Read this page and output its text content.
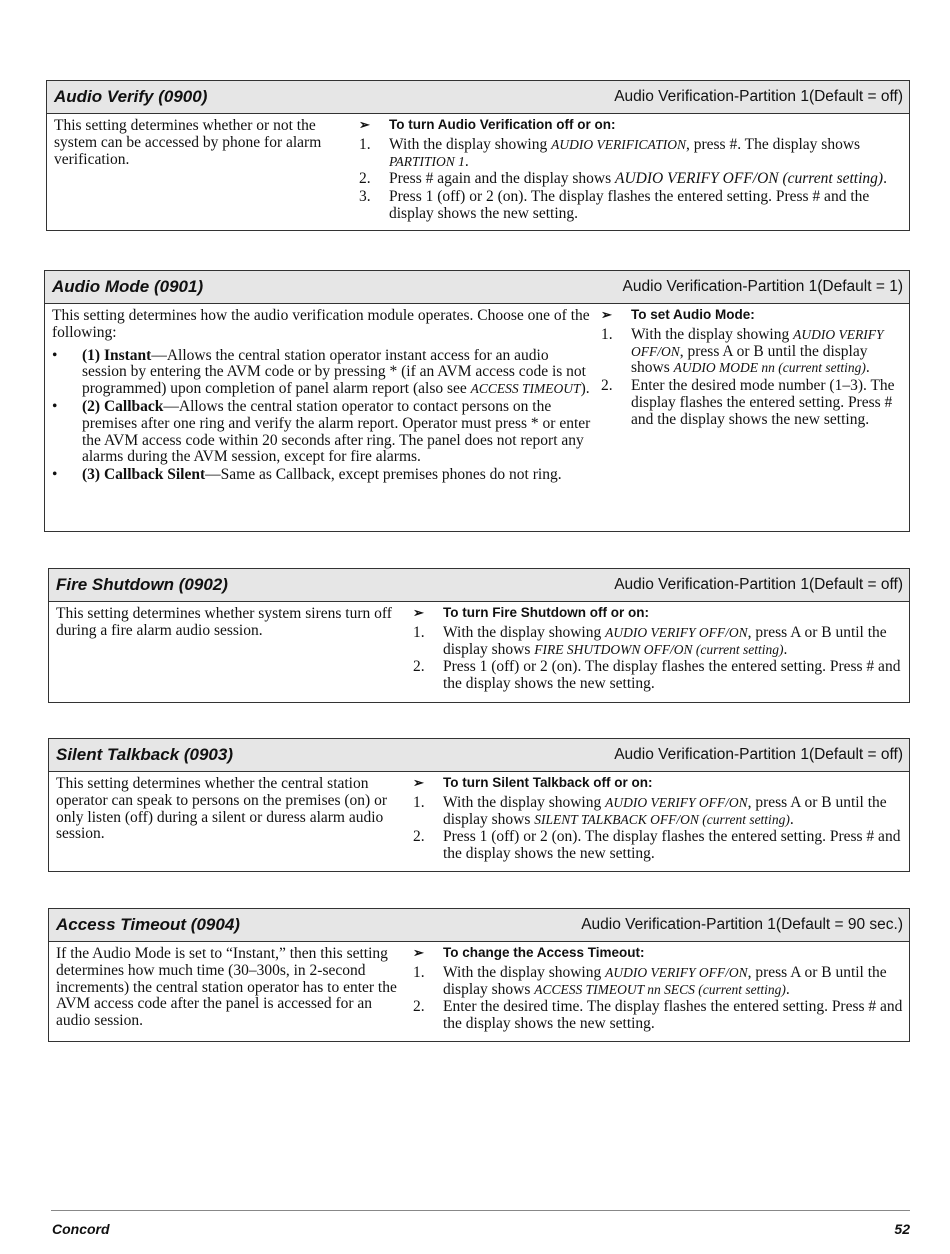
Audio Verify (0900)	Audio Verification-Partition 1(Default = off)

This setting determines whether or not the system can be accessed by phone for alarm verification.

➢	To turn Audio Verification off or on:
1.	With the display showing AUDIO VERIFICATION, press #. The display shows PARTITION 1.
2.	Press # again and the display shows AUDIO VERIFY OFF/ON (current setting).
3.	Press 1 (off) or 2 (on). The display flashes the entered setting. Press # and the display shows the new setting.
Audio Mode (0901)	Audio Verification-Partition 1(Default = 1)

This setting determines how the audio verification module operates. Choose one of the following:

•	(1) Instant—Allows the central station operator instant access for an audio session by entering the AVM code or by pressing * (if an AVM access code is not programmed) upon completion of panel alarm report (also see ACCESS TIMEOUT).
•	(2) Callback—Allows the central station operator to contact persons on the premises after one ring and verify the alarm report. Operator must press * or enter the AVM access code within 20 seconds after ring. The panel does not report any alarms during the AVM session, except for fire alarms.
•	(3) Callback Silent—Same as Callback, except premises phones do not ring.
➢	To set Audio Mode:
1.	With the display showing AUDIO VERIFY OFF/ON, press A or B until the display shows AUDIO MODE nn (current setting).
2.	Enter the desired mode number (1–3). The display flashes the entered setting. Press # and the display shows the new setting.
Fire Shutdown (0902)	Audio Verification-Partition 1(Default = off)

This setting determines whether system sirens turn off during a fire alarm audio session.

➢	To turn Fire Shutdown off or on:
1.	With the display showing AUDIO VERIFY OFF/ON, press A or B until the display shows FIRE SHUTDOWN OFF/ON (current setting).
2.	Press 1 (off) or 2 (on). The display flashes the entered setting. Press # and the display shows the new setting.
Silent Talkback (0903)	Audio Verification-Partition 1(Default = off)

This setting determines whether the central station operator can speak to persons on the premises (on) or only listen (off) during a silent or duress alarm audio session.

➢	To turn Silent Talkback off or on:
1.	With the display showing AUDIO VERIFY OFF/ON, press A or B until the display shows SILENT TALKBACK OFF/ON (current setting).
2.	Press 1 (off) or 2 (on). The display flashes the entered setting. Press # and the display shows the new setting.
Access Timeout (0904)	Audio Verification-Partition 1(Default = 90 sec.)

If the Audio Mode is set to “Instant,” then this setting determines how much time (30–300s, in 2-second increments) the central station operator has to enter the AVM access code after the panel is accessed for an audio session.

➢	To change the Access Timeout:
1.	With the display showing AUDIO VERIFY OFF/ON, press A or B until the display shows ACCESS TIMEOUT nn SECS (current setting).
2.	Enter the desired time. The display flashes the entered setting. Press # and the display shows the new setting.
Concord	52
